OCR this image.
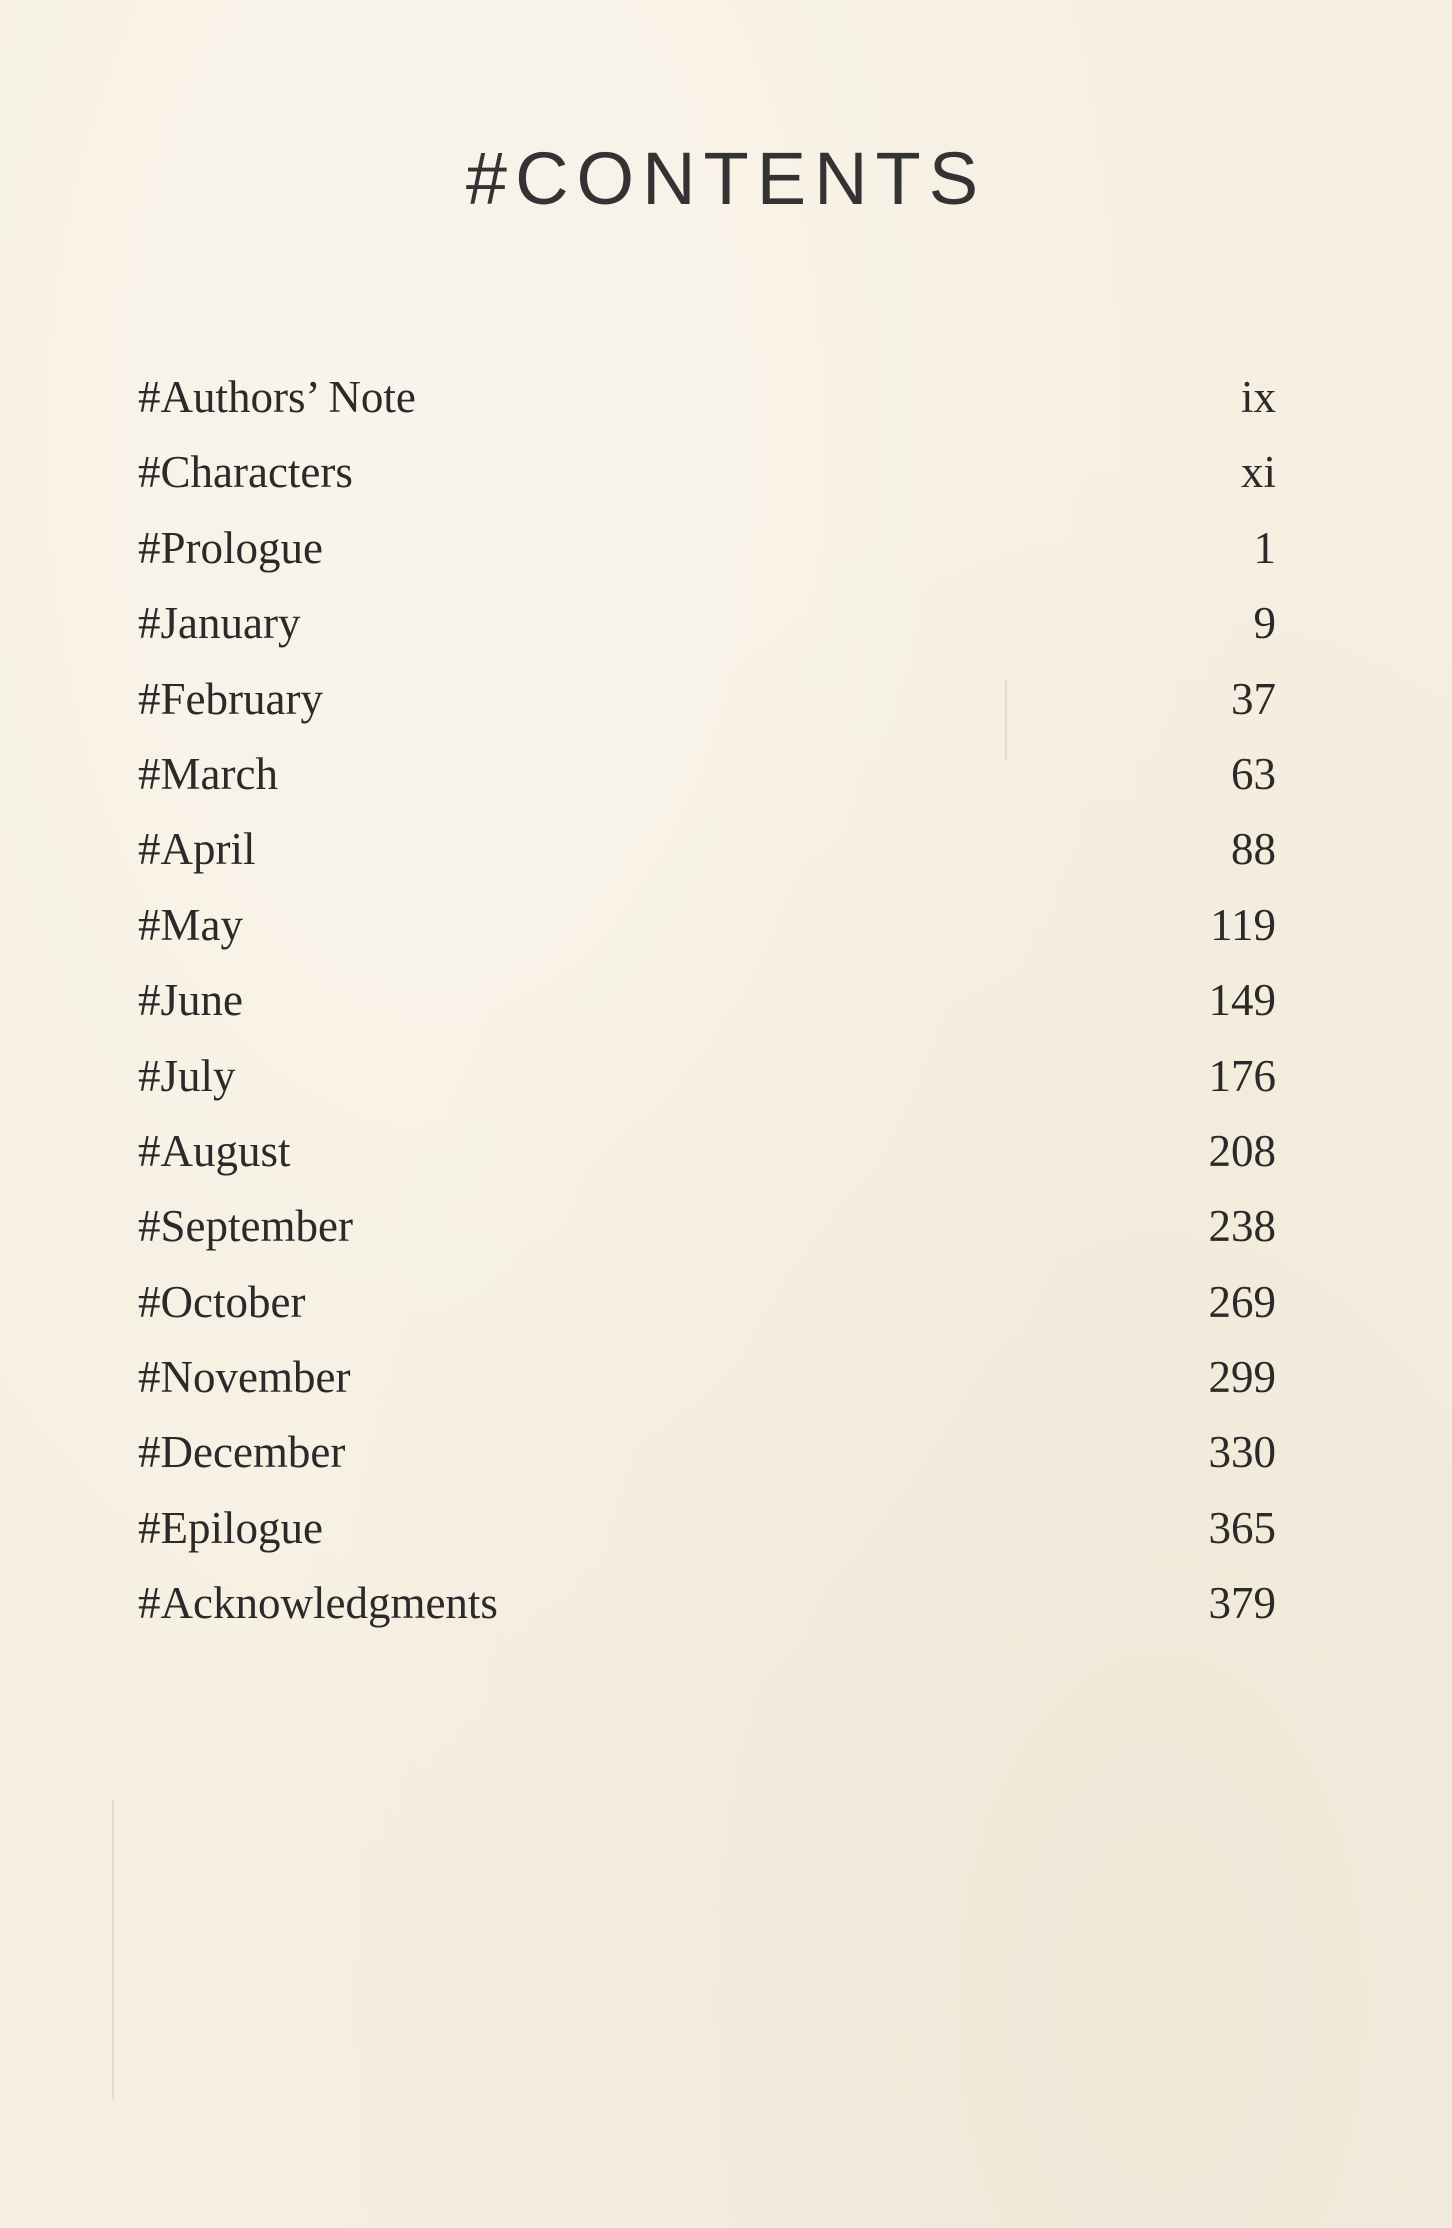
#CONTENTS
#Authors’ Note	ix
#Characters	xi
#Prologue	1
#January	9
#February	37
#March	63
#April	88
#May	119
#June	149
#July	176
#August	208
#September	238
#October	269
#November	299
#December	330
#Epilogue	365
#Acknowledgments	379
